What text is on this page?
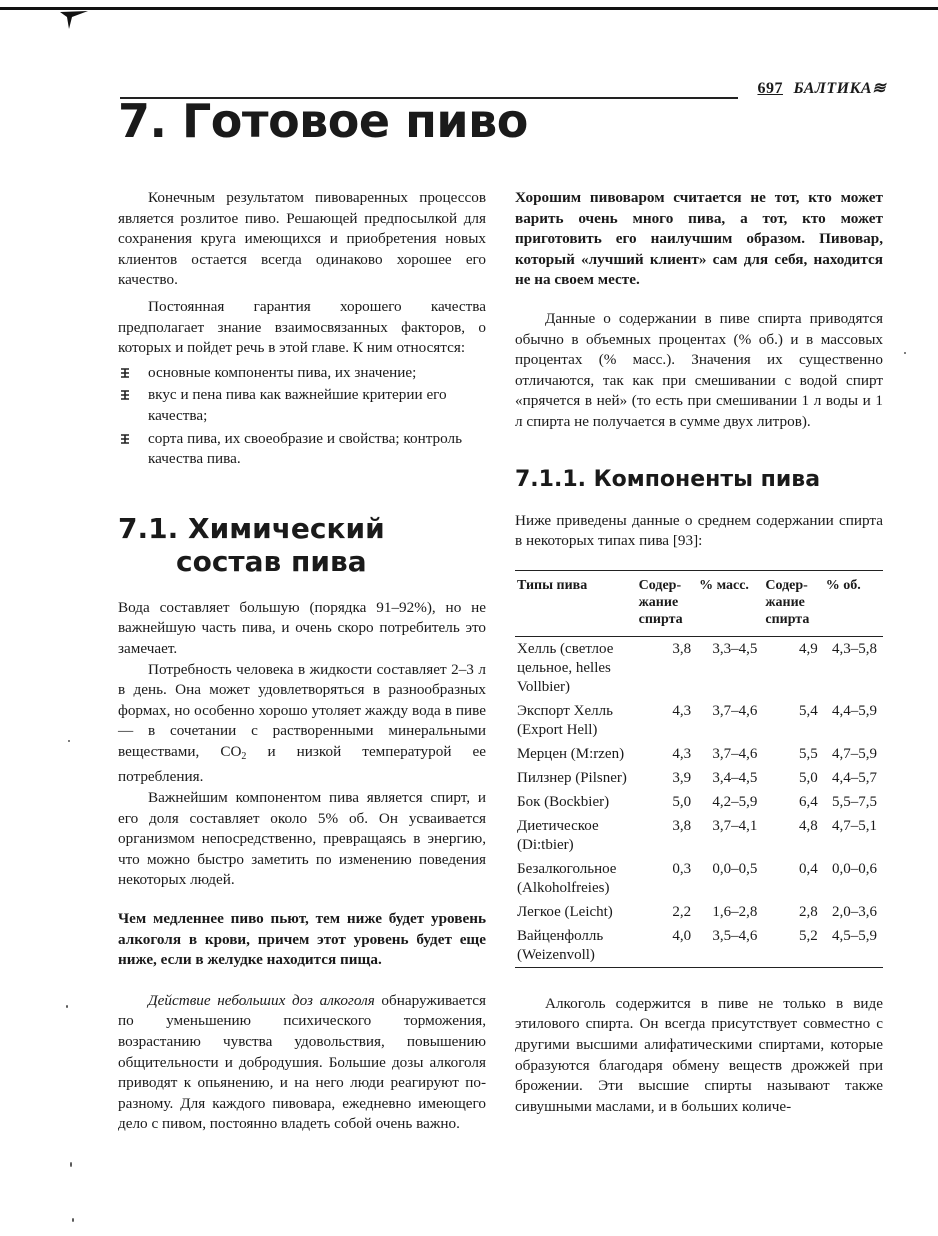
697 БАЛТИКА≋
7. Готовое пиво

Конечным результатом пивоваренных процессов является розлитое пиво. Решающей предпосылкой для сохранения круга имеющихся и приобретения новых клиентов остается всегда одинаково хорошее его качество.

Постоянная гарантия хорошего качества предполагает знание взаимосвязанных факторов, о которых и пойдет речь в этой главе. К ним относятся:

основные компоненты пива, их значение;
вкус и пена пива как важнейшие критерии его качества;
сорта пива, их своеобразие и свойства; контроль качества пива.
7.1. Химический
состав пива

Вода составляет большую (порядка 91–92%), но не важнейшую часть пива, и очень скоро потребитель это замечает.

Потребность человека в жидкости составляет 2–3 л в день. Она может удовлетворяться в разнообразных формах, но особенно хорошо утоляет жажду вода в пиве — в сочетании с растворенными минеральными веществами, $CO_2$ и низкой температурой ее потребления.

Важнейшим компонентом пива является спирт, и его доля составляет около 5% об. Он усваивается организмом непосредственно, превращаясь в энергию, что можно быстро заметить по изменению поведения некоторых людей.

Чем медленнее пиво пьют, тем ниже будет уровень алкоголя в крови, причем этот уровень будет еще ниже, если в желудке находится пища.

Действие небольших доз алкоголя обнаруживается по уменьшению психического торможения, возрастанию чувства удовольствия, повышению общительности и добродушия. Большие дозы алкоголя приводят к опьянению, и на него люди реагируют по-разному. Для каждого пивовара, ежедневно имеющего дело с пивом, постоянно владеть собой очень важно.

Хорошим пивоваром считается не тот, кто может варить очень много пива, а тот, кто может приготовить его наилучшим образом. Пивовар, который «лучший клиент» сам для себя, находится не на своем месте.

Данные о содержании в пиве спирта приводятся обычно в объемных процентах (% об.) и в массовых процентах (% масс.). Значения их существенно отличаются, так как при смешивании с водой спирт «прячется в ней» (то есть при смешивании 1 л воды и 1 л спирта не получается в сумме двух литров).

7.1.1. Компоненты пива

Ниже приведены данные о среднем содержании спирта в некоторых типах пива [93]:

Типы пива	Содер-жание спирта	% масс.	Содер-жание спирта	% об.
Хелль (светлое цельное, helles Vollbier)	3,8	3,3–4,5	4,9	4,3–5,8
Экспорт Хелль (Export Hell)	4,3	3,7–4,6	5,4	4,4–5,9
Мерцен (M:rzen)	4,3	3,7–4,6	5,5	4,7–5,9
Пилзнер (Pilsner)	3,9	3,4–4,5	5,0	4,4–5,7
Бок (Bockbier)	5,0	4,2–5,9	6,4	5,5–7,5
Диетическое (Di:tbier)	3,8	3,7–4,1	4,8	4,7–5,1
Безалкогольное (Alkoholfreies)	0,3	0,0–0,5	0,4	0,0–0,6
Легкое (Leicht)	2,2	1,6–2,8	2,8	2,0–3,6
Вайценфолль (Weizenvoll)	4,0	3,5–4,6	5,2	4,5–5,9

Алкоголь содержится в пиве не только в виде этилового спирта. Он всегда присутствует совместно с другими высшими алифатическими спиртами, которые образуются благодаря обмену веществ дрожжей при брожении. Эти высшие спирты называют также сивушными маслами, и в больших количе-
